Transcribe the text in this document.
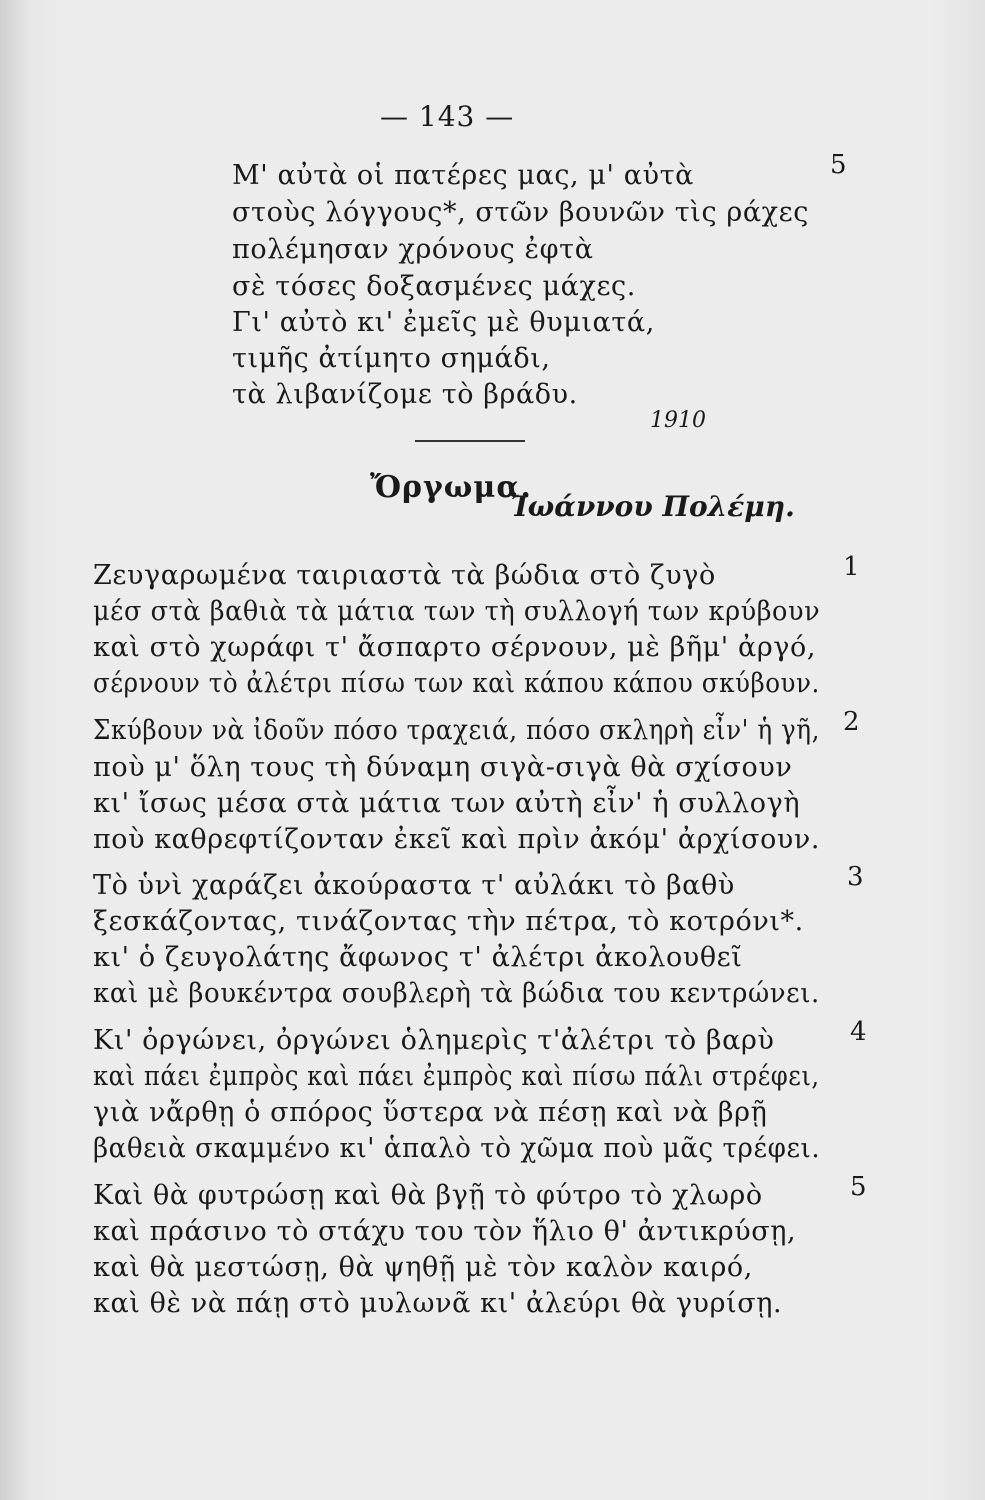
— 143 —
5
Μ' αὐτὰ οἱ πατέρες μας, μ' αὐτὰ
στοὺς λόγγους*, στῶν βουνῶν τὶς ράχες
πολέμησαν χρόνους ἐφτὰ
σὲ τόσες δοξασμένες μάχες.
Γι' αὐτὸ κι' ἐμεῖς μὲ θυμιατά,
τιμῆς ἀτίμητο σημάδι,
τὰ λιβανίζομε τὸ βράδυ.
1910
Ὄργωμα.
Ἰωάννου Πολέμη.
1
Ζευγαρωμένα ταιριαστὰ τὰ βώδια στὸ ζυγὸ
μέσ στὰ βαθιὰ τὰ μάτια των τὴ συλλογή των κρύβουν
καὶ στὸ χωράφι τ' ἄσπαρτο σέρνουν, μὲ βῆμ' ἀργό,
σέρνουν τὸ ἀλέτρι πίσω των καὶ κάπου κάπου σκύβουν.
2
Σκύβουν νὰ ἰδοῦν πόσο τραχειά, πόσο σκληρὴ εἶν' ἡ γῆ,
ποὺ μ' ὅλη τους τὴ δύναμη σιγὰ-σιγὰ θὰ σχίσουν
κι' ἴσως μέσα στὰ μάτια των αὐτὴ εἶν' ἡ συλλογὴ
ποὺ καθρεφτίζονταν ἐκεῖ καὶ πρὶν ἀκόμ' ἀρχίσουν.
3
Τὸ ὑνὶ χαράζει ἀκούραστα τ' αὐλάκι τὸ βαθὺ
ξεσκάζοντας, τινάζοντας τὴν πέτρα, τὸ κοτρόνι*.
κι' ὁ ζευγολάτης ἄφωνος τ' ἀλέτρι ἀκολουθεῖ
καὶ μὲ βουκέντρα σουβλερὴ τὰ βώδια του κεντρώνει.
4
Κι' ὀργώνει, ὀργώνει ὁλημερὶς τ'ἀλέτρι τὸ βαρὺ
καὶ πάει ἐμπρὸς καὶ πάει ἐμπρὸς καὶ πίσω πάλι στρέφει,
γιὰ νἄρθῃ ὁ σπόρος ὕστερα νὰ πέσῃ καὶ νὰ βρῇ
βαθειὰ σκαμμένο κι' ἁπαλὸ τὸ χῶμα ποὺ μᾶς τρέφει.
5
Καὶ θὰ φυτρώσῃ καὶ θὰ βγῇ τὸ φύτρο τὸ χλωρὸ
καὶ πράσινο τὸ στάχυ του τὸν ἥλιο θ' ἀντικρύσῃ,
καὶ θὰ μεστώσῃ, θὰ ψηθῇ μὲ τὸν καλὸν καιρό,
καὶ θὲ νὰ πάῃ στὸ μυλωνᾶ κι' ἀλεύρι θὰ γυρίσῃ.
